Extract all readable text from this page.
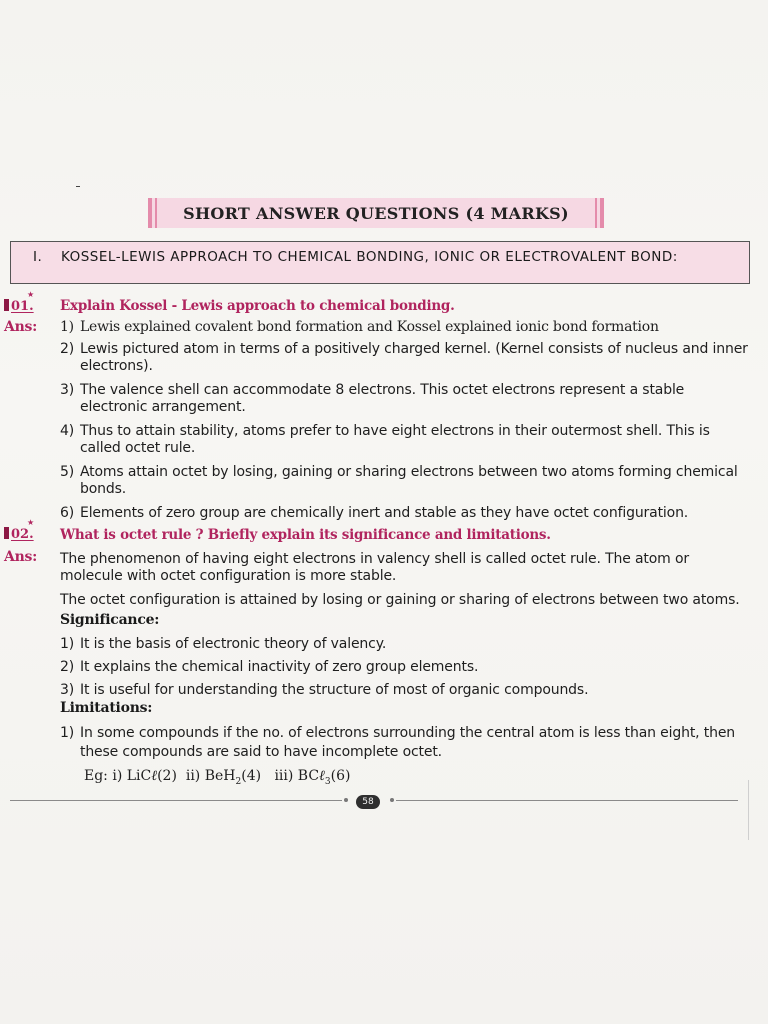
SHORT ANSWER QUESTIONS (4 MARKS)
I. KOSSEL-LEWIS APPROACH TO CHEMICAL BONDING, IONIC OR ELECTROVALENT BOND:
★
01. Explain Kossel - Lewis approach to chemical bonding.
Ans: 1) Lewis explained covalent bond formation and Kossel explained ionic bond formation
2) Lewis pictured atom in terms of a positively charged kernel. (Kernel consists of nucleus and inner electrons).
3) The valence shell can accommodate 8 electrons. This octet electrons represent a stable electronic arrangement.
4) Thus to attain stability, atoms prefer to have eight electrons in their outermost shell. This is called octet rule.
5) Atoms attain octet by losing, gaining or sharing electrons between two atoms forming chemical bonds.
6) Elements of zero group are chemically inert and stable as they have octet configuration.
★
02. What is octet rule ? Briefly explain its significance and limitations.
Ans: The phenomenon of having eight electrons in valency shell is called octet rule. The atom or molecule with octet configuration is more stable.
The octet configuration is attained by losing or gaining or sharing of electrons between two atoms.
Significance:
1) It is the basis of electronic theory of valency.
2) It explains the chemical inactivity of zero group elements.
3) It is useful for understanding the structure of most of organic compounds.
Limitations:
1) In some compounds if the no. of electrons surrounding the central atom is less than eight, then these compounds are said to have incomplete octet.
Eg: i) LiCℓ(2) ii) BeH$_2$(4) iii) BCℓ$_3$(6)
58
